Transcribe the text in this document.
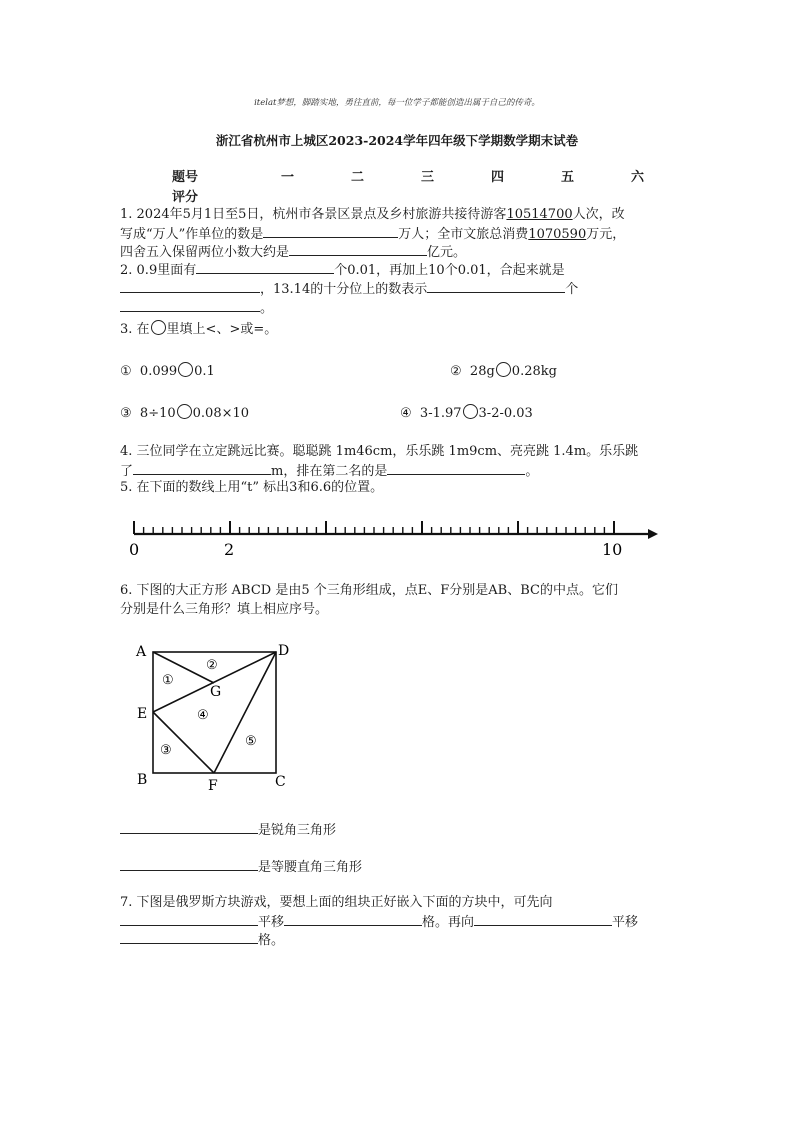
itelat梦想，脚踏实地，勇往直前，每一位学子都能创造出属于自己的传奇。
浙江省杭州市上城区2023-2024学年四年级下学期数学期末试卷
题号	一	二	三	四	五	六
评分
1. 2024年5月1日至5日，杭州市各景区景点及乡村旅游共接待游客10514700人次，改
写成“万人”作单位的数是	万人；全市文旅总消费1070590万元，
四舍五入保留两位小数大约是	亿元。
2. 0.9里面有	个0.01，再加上10个0.01，合起来就是
，13.14的十分位上的数表示	个
。
3. 在 里填上<、>或=。
① 0.099 0.1	② 28g 0.28kg
③ 8÷10 0.08×10	④ 3-1.97 3-2-0.03
4. 三位同学在立定跳远比赛。聪聪跳 1m46cm，乐乐跳 1m9cm、亮亮跳 1.4m。乐乐跳
了	m，排在第二名的是	。
5. 在下面的数线上用“t” 标出3和6.6的位置。
0	2	10
6. 下图的大正方形 ABCD 是由5 个三角形组成，点E、F分别是AB、BC的中点。它们
分别是什么三角形？填上相应序号。
A	D
G
E
B	F	C
①
②
④
③
⑤
是锐角三角形
是等腰直角三角形
7. 下图是俄罗斯方块游戏，要想上面的组块正好嵌入下面的方块中，可先向
平移	格。再向	平移
格。
